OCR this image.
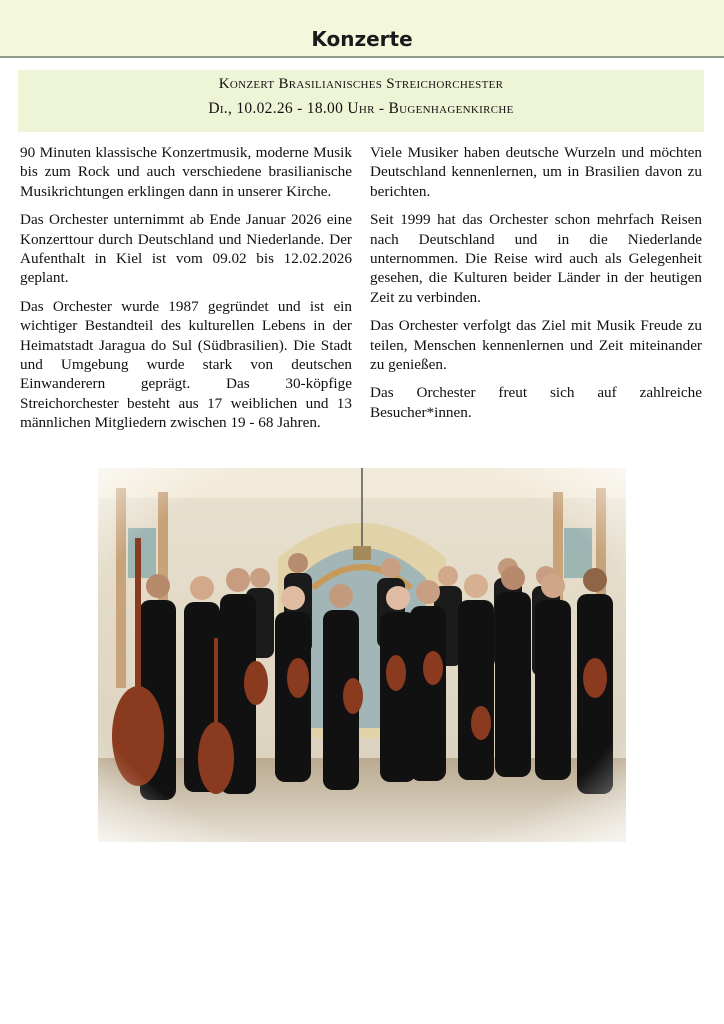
Konzerte
Konzert Brasilianisches Streichorchester
Di., 10.02.26 - 18.00 Uhr - Bugenhagenkirche

90 Minuten klassische Konzertmusik, moderne Musik bis zum Rock und auch verschiedene brasilianische Musikrichtungen erklingen dann in unserer Kirche.

Das Orchester unternimmt ab Ende Januar 2026 eine Konzerttour durch Deutschland und Niederlande. Der Aufenthalt in Kiel ist vom 09.02 bis 12.02.2026 geplant.

Das Orchester wurde 1987 gegründet und ist ein wichtiger Bestandteil des kulturellen Lebens in der Heimatstadt Jaragua do Sul (Südbrasilien). Die Stadt und Umgebung wurde stark von deutschen Einwanderern geprägt. Das 30-köpfige Streichorchester besteht aus 17 weiblichen und 13 männlichen Mitgliedern zwischen 19 - 68 Jahren.

Viele Musiker haben deutsche Wurzeln und möchten Deutschland kennenlernen, um in Brasilien davon zu berichten.

Seit 1999 hat das Orchester schon mehrfach Reisen nach Deutschland und in die Niederlande unternommen. Die Reise wird auch als Gelegenheit gesehen, die Kulturen beider Länder in der heutigen Zeit zu verbinden.

Das Orchester verfolgt das Ziel mit Musik Freude zu teilen, Menschen kennenlernen und Zeit miteinander zu genießen.

Das Orchester freut sich auf zahlreiche Besucher*innen.
